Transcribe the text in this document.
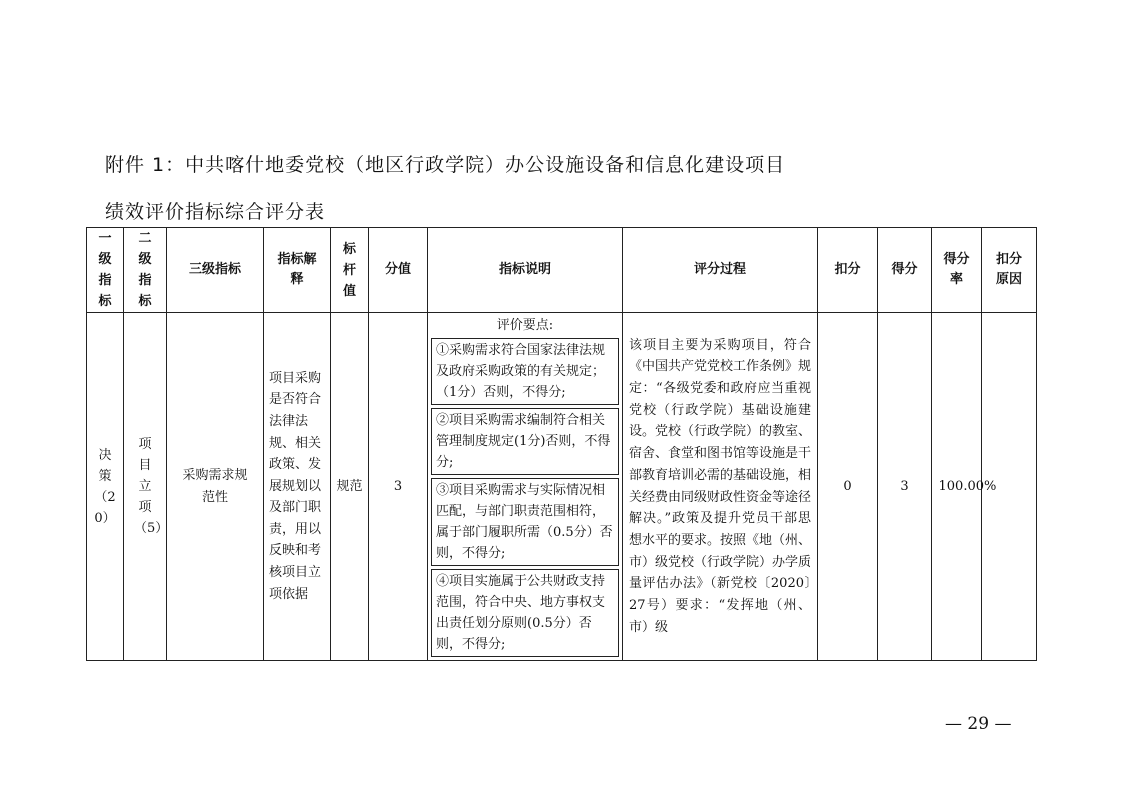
附件 1：中共喀什地委党校（地区行政学院）办公设施设备和信息化建设项目
绩效评价指标综合评分表
一级指标	二级指标	三级指标	指标解释	标杆值	分值	指标说明	评分过程	扣分	得分	得分率	扣分原因

决策（20）	项目立项（5）	采购需求规范性	项目采购是否符合法律法规、相关政策、发展规划以及部门职责，用以反映和考核项目立项依据	规范	3	评价要点:
①采购需求符合国家法律法规及政府采购政策的有关规定；（1分）否则，不得分;
②项目采购需求编制符合相关管理制度规定(1分)否则，不得分;
③项目采购需求与实际情况相匹配，与部门职责范围相符，属于部门履职所需（0.5分）否则，不得分;
④项目实施属于公共财政支持范围，符合中央、地方事权支出责任划分原则(0.5分）否则，不得分;	该项目主要为采购项目，符合《中国共产党党校工作条例》规定：“各级党委和政府应当重视党校（行政学院）基础设施建设。党校（行政学院）的教室、宿舍、食堂和图书馆等设施是干部教育培训必需的基础设施，相关经费由同级财政性资金等途径解决。”政策及提升党员干部思想水平的要求。按照《地（州、市）级党校（行政学院）办学质量评估办法》（新党校〔2020〕27号）要求：“发挥地（州、市）级	0	3	100.00%	
— 29 —
